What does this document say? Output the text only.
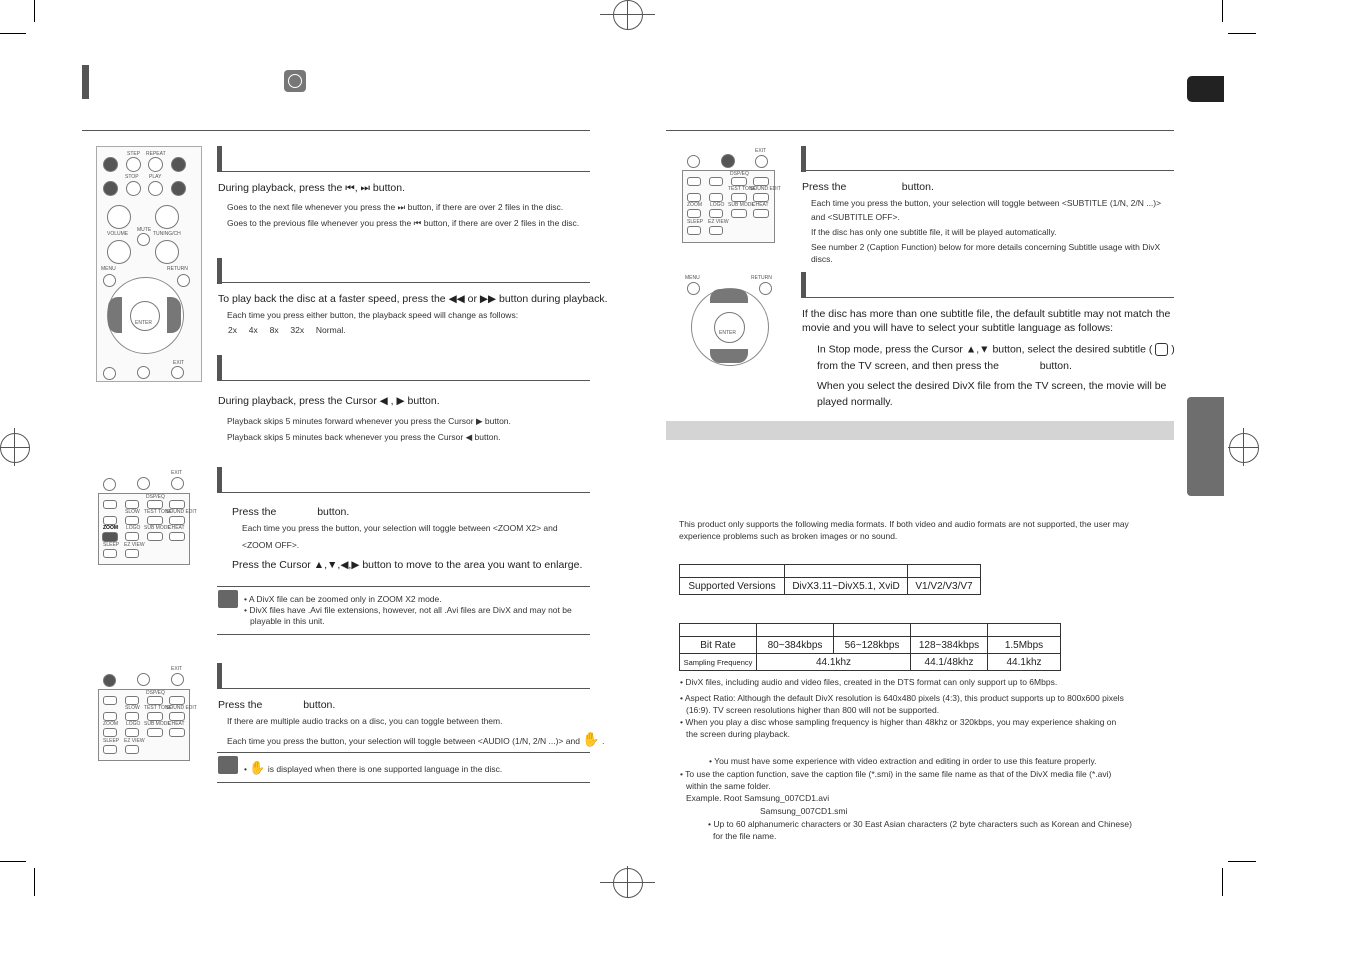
STEP REPEAT
STOP PLAY
VOLUME
MUTE
TUNING/CH
MENU	RETURN
ENTER
EXIT
During playback, press the ⏮, ⏭ button.
Goes to the next file whenever you press the ⏭ button, if there are over 2 files in the disc.
Goes to the previous file whenever you press the ⏮ button, if there are over 2 files in the disc.
To play back the disc at a faster speed, press the ◀◀ or ▶▶ button during playback.
Each time you press either button, the playback speed will change as follows:
2x 4x 8x 32x Normal.
During playback, press the Cursor ◀ , ▶ button.
Playback skips 5 minutes forward whenever you press the Cursor ▶ button.
Playback skips 5 minutes back whenever you press the Cursor ◀ button.
EXIT
DSP/EQ
SLOW TEST TONE
SOUND EDIT
ZOOM LOGO SUB MODE
CHEAT
SLEEP EZ VIEW
Press the	button.
Each time you press the button, your selection will toggle between <ZOOM X2> and
<ZOOM OFF>.
Press the Cursor ▲,▼,◀,▶ button to move to the area you want to enlarge.
• A DivX file can be zoomed only in ZOOM X2 mode.
• DivX files have .Avi file extensions, however, not all .Avi files are DivX and may not be
playable in this unit.
EXIT
DSP/EQ
SLOW TEST TONE
SOUND EDIT
ZOOM LOGO SUB MODE
CHEAT
SLEEP EZ VIEW
Press the	button.
If there are multiple audio tracks on a disc, you can toggle between them.
Each time you press the button, your selection will toggle between <AUDIO (1/N, 2/N ...)> and ✋ .
• ✋ is displayed when there is one supported language in the disc.
EXIT
DSP/EQ
TEST TONE
SOUND EDIT
ZOOM LOGO SUB MODE
CHEAT
SLEEP EZ VIEW
Press the	button.
Each time you press the button, your selection will toggle between <SUBTITLE (1/N, 2/N ...)>
and <SUBTITLE OFF>.
If the disc has only one subtitle file, it will be played automatically.
See number 2 (Caption Function) below for more details concerning Subtitle usage with DivX
discs.
MENU	RETURN
ENTER
If the disc has more than one subtitle file, the default subtitle may not match the
movie and you will have to select your subtitle language as follows:
In Stop mode, press the Cursor ▲,▼ button, select the desired subtitle ( )
from the TV screen, and then press the	button.
When you select the desired DivX file from the TV screen, the movie will be
played normally.
This product only supports the following media formats. If both video and audio formats are not supported, the user may
experience problems such as broken images or no sound.

Supported Versions	DivX3.11~DivX5.1, XviD	V1/V2/V3/V7

Bit Rate	80~384kbps	56~128kbps	128~384kbps	1.5Mbps
Sampling Frequency	44.1khz		44.1/48khz	44.1khz
• DivX files, including audio and video files, created in the DTS format can only support up to 6Mbps.
• Aspect Ratio: Although the default DivX resolution is 640x480 pixels (4:3), this product supports up to 800x600 pixels
(16:9). TV screen resolutions higher than 800 will not be supported.
• When you play a disc whose sampling frequency is higher than 48khz or 320kbps, you may experience shaking on
the screen during playback.
• You must have some experience with video extraction and editing in order to use this feature properly.
• To use the caption function, save the caption file (*.smi) in the same file name as that of the DivX media file (*.avi)
within the same folder.
Example. Root Samsung_007CD1.avi
Samsung_007CD1.smi
• Up to 60 alphanumeric characters or 30 East Asian characters (2 byte characters such as Korean and Chinese)
for the file name.
